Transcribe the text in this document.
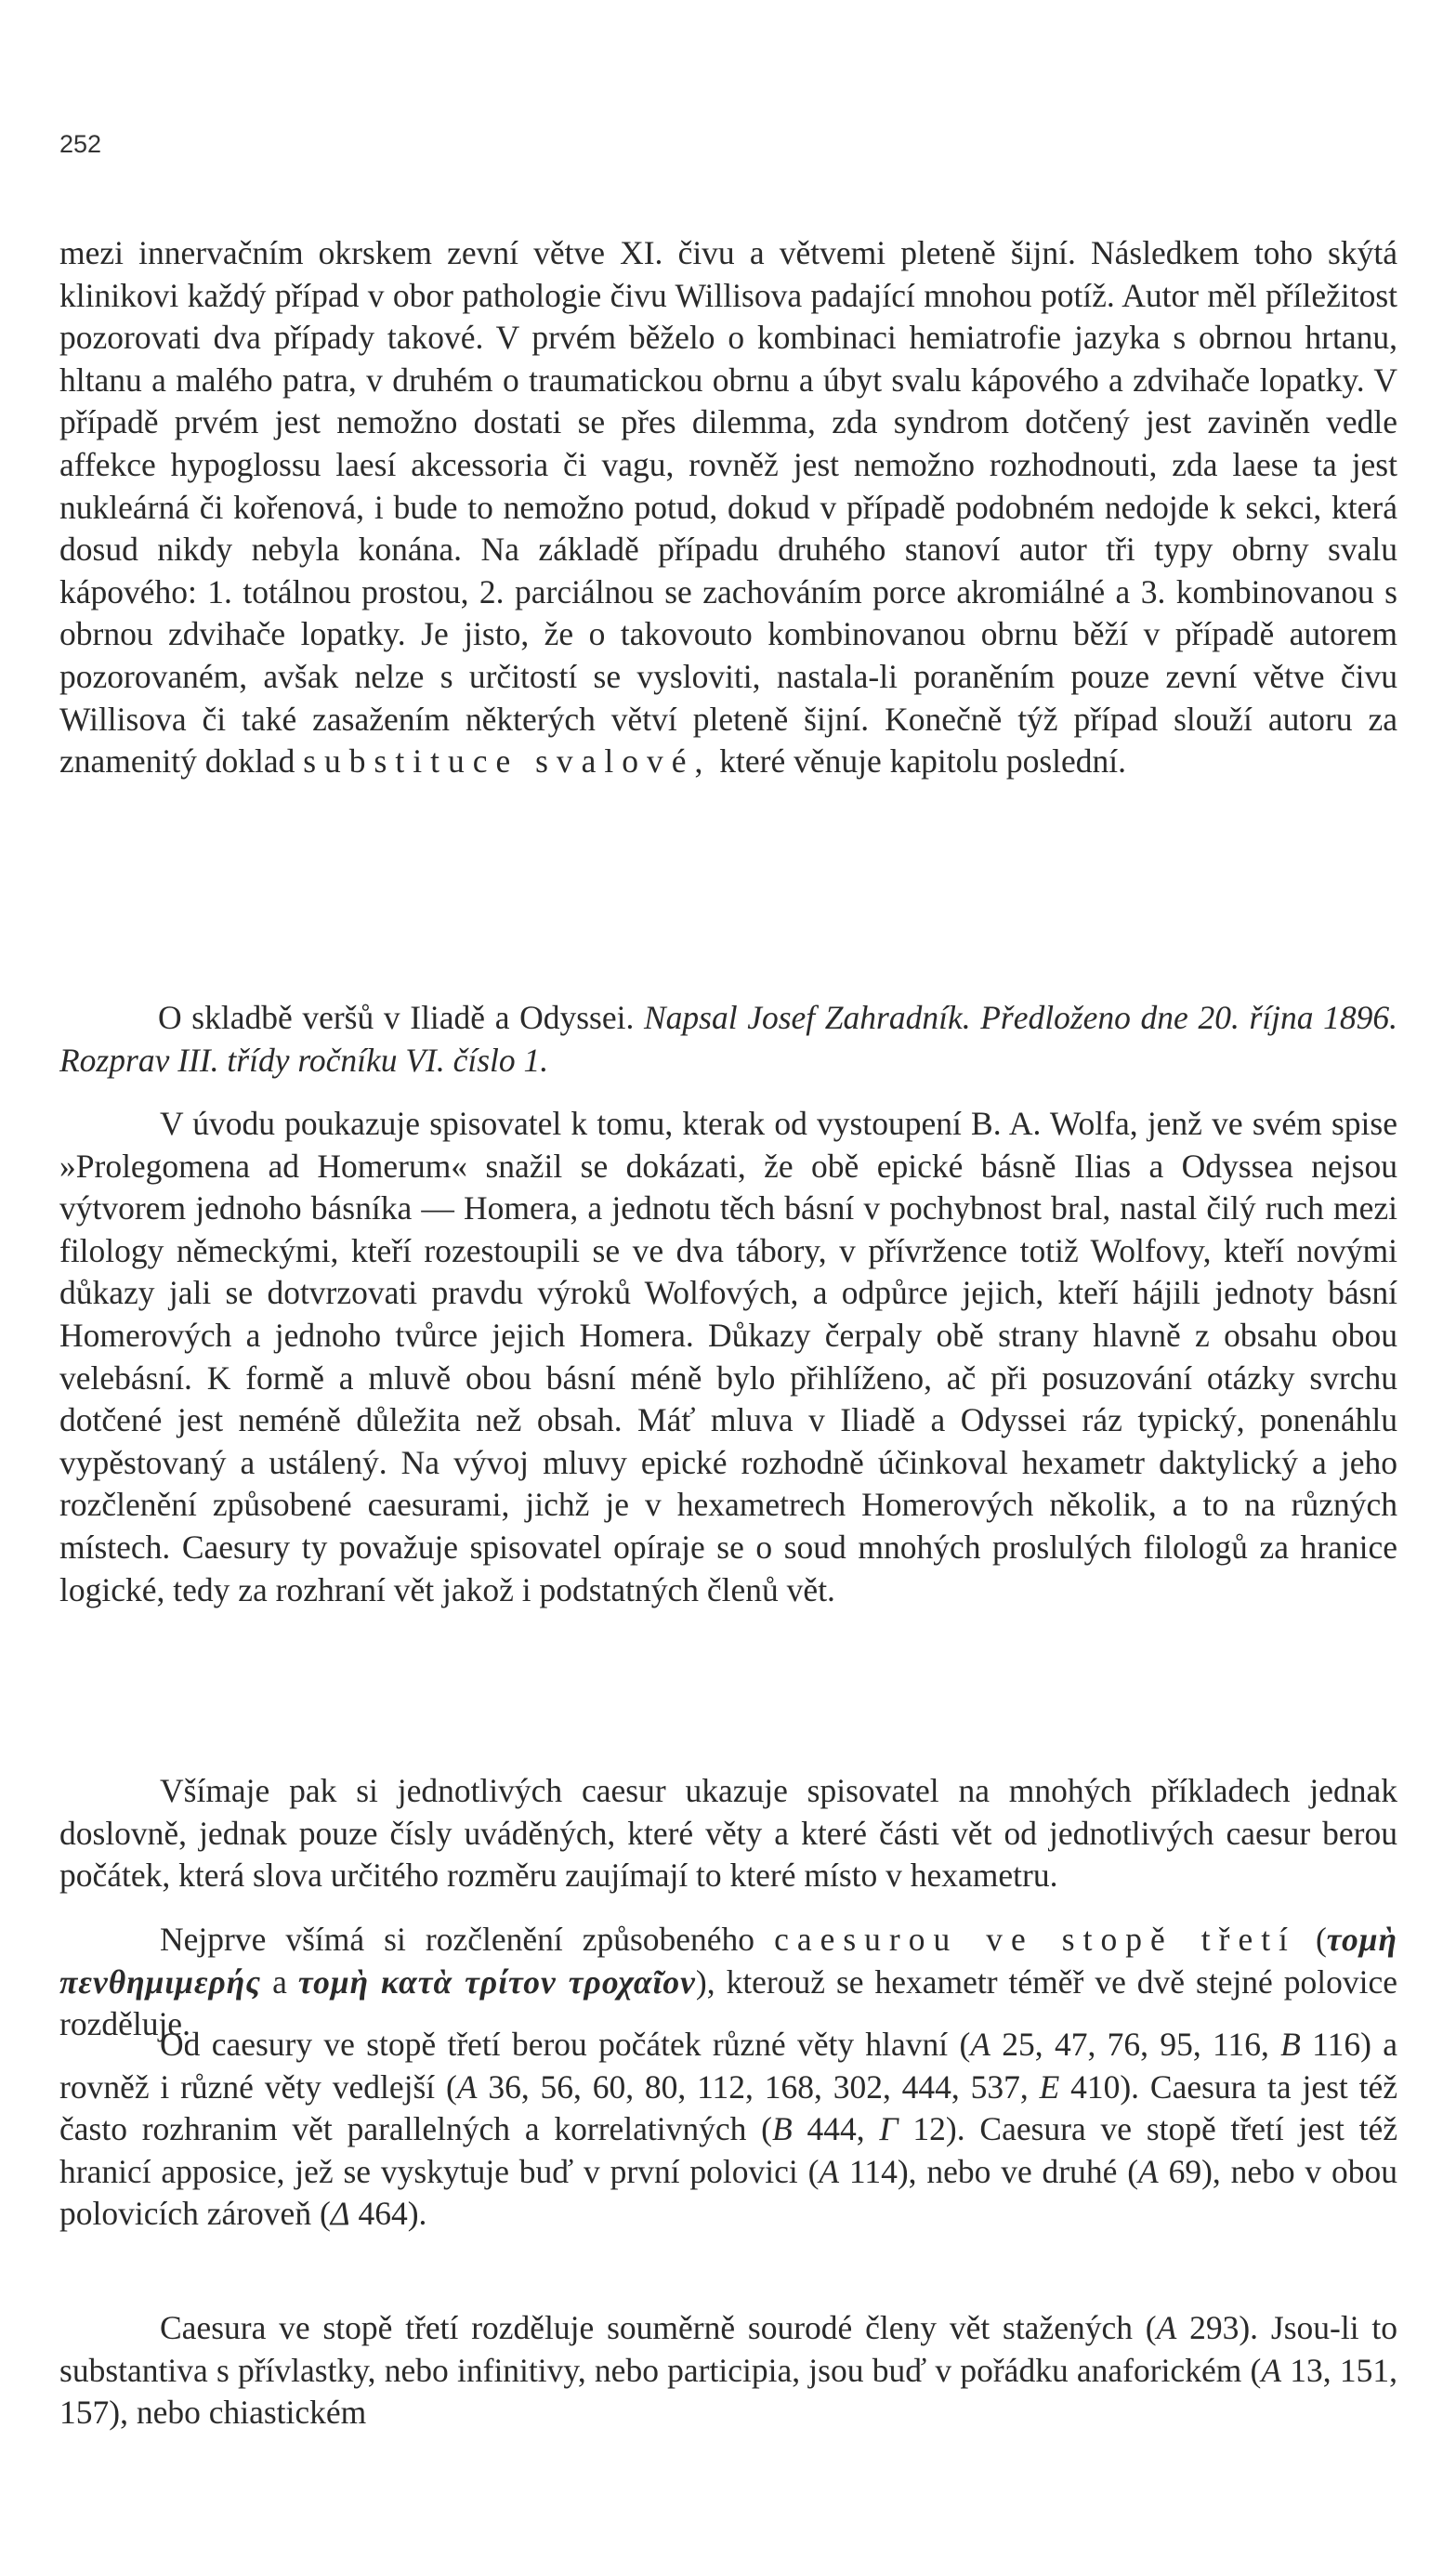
252

mezi innervačním okrskem zevní větve XI. čivu a větvemi pleteně šijní. Následkem toho skýtá klinikovi každý případ v obor pathologie čivu Willisova padající mnohou potíž. Autor měl příležitost pozorovati dva případy takové. V prvém běželo o kombinaci hemiatrofie jazyka s obrnou hrtanu, hltanu a malého patra, v druhém o traumatickou obrnu a úbyt svalu kápového a zdvihače lopatky. V případě prvém jest nemožno dostati se přes dilemma, zda syndrom dotčený jest zaviněn vedle affekce hypoglossu laesí akcessoria či vagu, rovněž jest nemožno rozhodnouti, zda laese ta jest nukleárná či kořenová, i bude to nemožno potud, dokud v případě podobném nedojde k sekci, která dosud nikdy nebyla konána. Na základě případu druhého stanoví autor tři typy obrny svalu kápového: 1. totálnou prostou, 2. parciálnou se zachováním porce akromiálné a 3. kombinovanou s obrnou zdvihače lopatky. Je jisto, že o takovouto kombinovanou obrnu běží v případě autorem pozorovaném, avšak nelze s určitostí se vysloviti, nastala-li poraněním pouze zevní větve čivu Willisova či také zasažením některých větví pleteně šijní. Konečně týž případ slouží autoru za znamenitý doklad substituce svalové, které věnuje kapitolu poslední.

O skladbě veršů v Iliadě a Odyssei. Napsal Josef Zahradník. Předloženo dne 20. října 1896. Rozprav III. třídy ročníku VI. číslo 1.

V úvodu poukazuje spisovatel k tomu, kterak od vystoupení B. A. Wolfa, jenž ve svém spise »Prolegomena ad Homerum« snažil se dokázati, že obě epické básně Ilias a Odyssea nejsou výtvorem jednoho básníka — Homera, a jednotu těch básní v pochybnost bral, nastal čilý ruch mezi filology německými, kteří rozestoupili se ve dva tábory, v přívržence totiž Wolfovy, kteří novými důkazy jali se dotvrzovati pravdu výroků Wolfových, a odpůrce jejich, kteří hájili jednoty básní Homerových a jednoho tvůrce jejich Homera. Důkazy čerpaly obě strany hlavně z obsahu obou velebásní. K formě a mluvě obou básní méně bylo přihlíženo, ač při posuzování otázky svrchu dotčené jest neméně důležita než obsah. Máť mluva v Iliadě a Odyssei ráz typický, ponenáhlu vypěstovaný a ustálený. Na vývoj mluvy epické rozhodně účinkoval hexametr daktylický a jeho rozčlenění způsobené caesurami, jichž je v hexametrech Homerových několik, a to na různých místech. Caesury ty považuje spisovatel opíraje se o soud mnohých proslulých filologů za hranice logické, tedy za rozhraní vět jakož i podstatných členů vět.

Všímaje pak si jednotlivých caesur ukazuje spisovatel na mnohých příkladech jednak doslovně, jednak pouze čísly uváděných, které věty a které části vět od jednotlivých caesur berou počátek, která slova určitého rozměru zaujímají to které místo v hexametru.

Nejprve všímá si rozčlenění způsobeného caesurou ve stopě třetí (τομὴ πενθημιμερής a τομὴ κατὰ τρίτον τροχαῖον), kterouž se hexametr téměř ve dvě stejné polovice rozděluje.

Od caesury ve stopě třetí berou počátek různé věty hlavní (A 25, 47, 76, 95, 116, B 116) a rovněž i různé věty vedlejší (A 36, 56, 60, 80, 112, 168, 302, 444, 537, E 410). Caesura ta jest též často rozhranim vět parallelných a korrelativných (B 444, Γ 12). Caesura ve stopě třetí jest též hranicí apposice, jež se vyskytuje buď v první polovici (A 114), nebo ve druhé (A 69), nebo v obou polovicích zároveň (Δ 464).

Caesura ve stopě třetí rozděluje souměrně sourodé členy vět stažených (A 293). Jsou-li to substantiva s přívlastky, nebo infinitivy, nebo participia, jsou buď v pořádku anaforickém (A 13, 151, 157), nebo chiastickém
